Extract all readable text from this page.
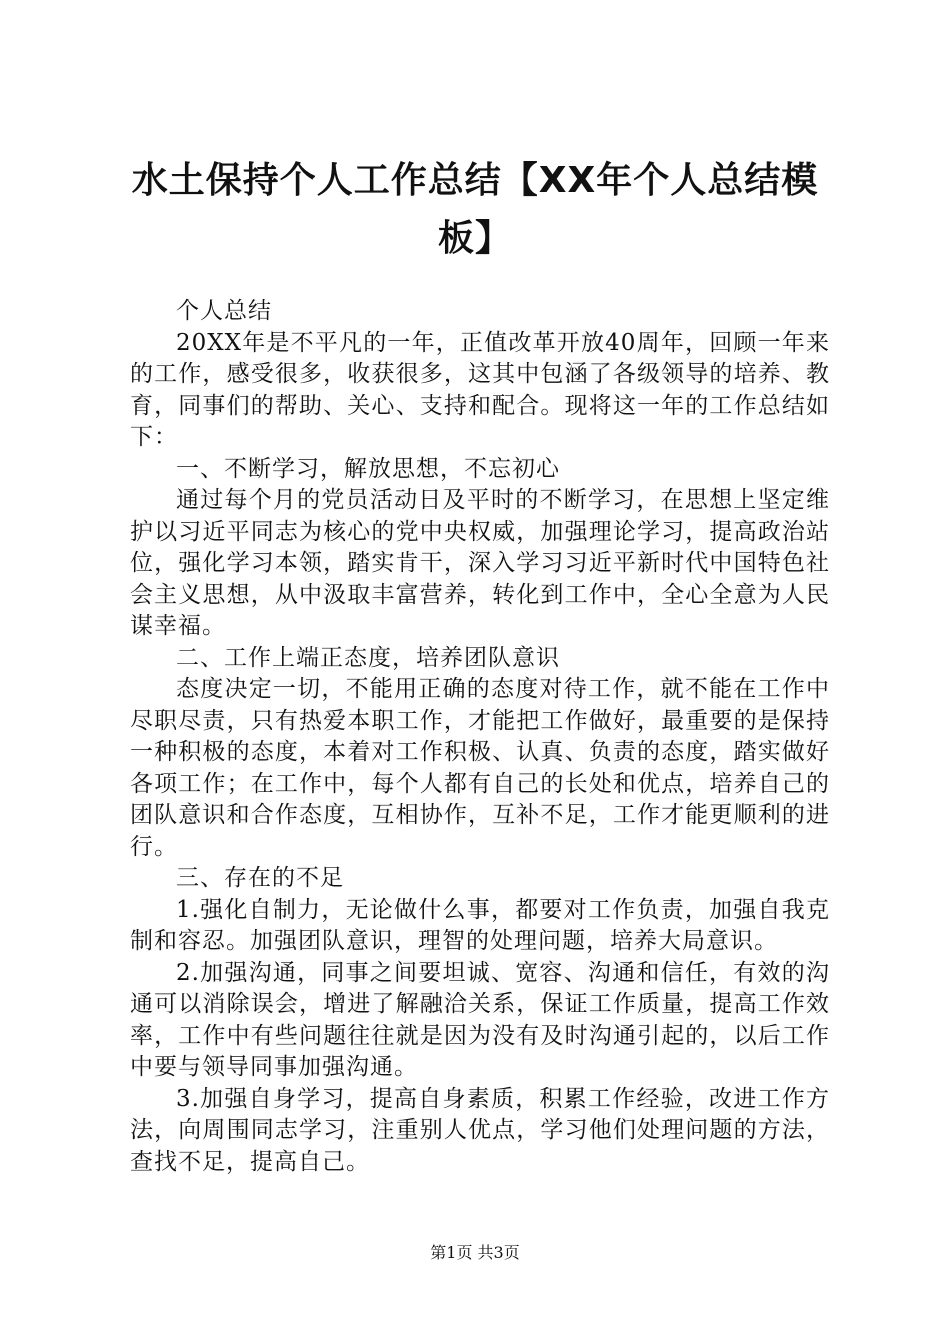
水土保持个人工作总结【XX年个人总结模板】

个人总结

20XX年是不平凡的一年，正值改革开放40周年，回顾一年来的工作，感受很多，收获很多，这其中包涵了各级领导的培养、教育，同事们的帮助、关心、支持和配合。现将这一年的工作总结如下：

一、不断学习，解放思想，不忘初心

通过每个月的党员活动日及平时的不断学习，在思想上坚定维护以习近平同志为核心的党中央权威，加强理论学习，提高政治站位，强化学习本领，踏实肯干，深入学习习近平新时代中国特色社会主义思想，从中汲取丰富营养，转化到工作中，全心全意为人民谋幸福。

二、工作上端正态度，培养团队意识

态度决定一切，不能用正确的态度对待工作，就不能在工作中尽职尽责，只有热爱本职工作，才能把工作做好，最重要的是保持一种积极的态度，本着对工作积极、认真、负责的态度，踏实做好各项工作；在工作中，每个人都有自己的长处和优点，培养自己的团队意识和合作态度，互相协作，互补不足，工作才能更顺利的进行。

三、存在的不足

1.强化自制力，无论做什么事，都要对工作负责，加强自我克制和容忍。加强团队意识，理智的处理问题，培养大局意识。

2.加强沟通，同事之间要坦诚、宽容、沟通和信任，有效的沟通可以消除误会，增进了解融洽关系，保证工作质量，提高工作效率，工作中有些问题往往就是因为没有及时沟通引起的，以后工作中要与领导同事加强沟通。

3.加强自身学习，提高自身素质，积累工作经验，改进工作方法，向周围同志学习，注重别人优点，学习他们处理问题的方法，查找不足，提高自己。

第1页 共3页
